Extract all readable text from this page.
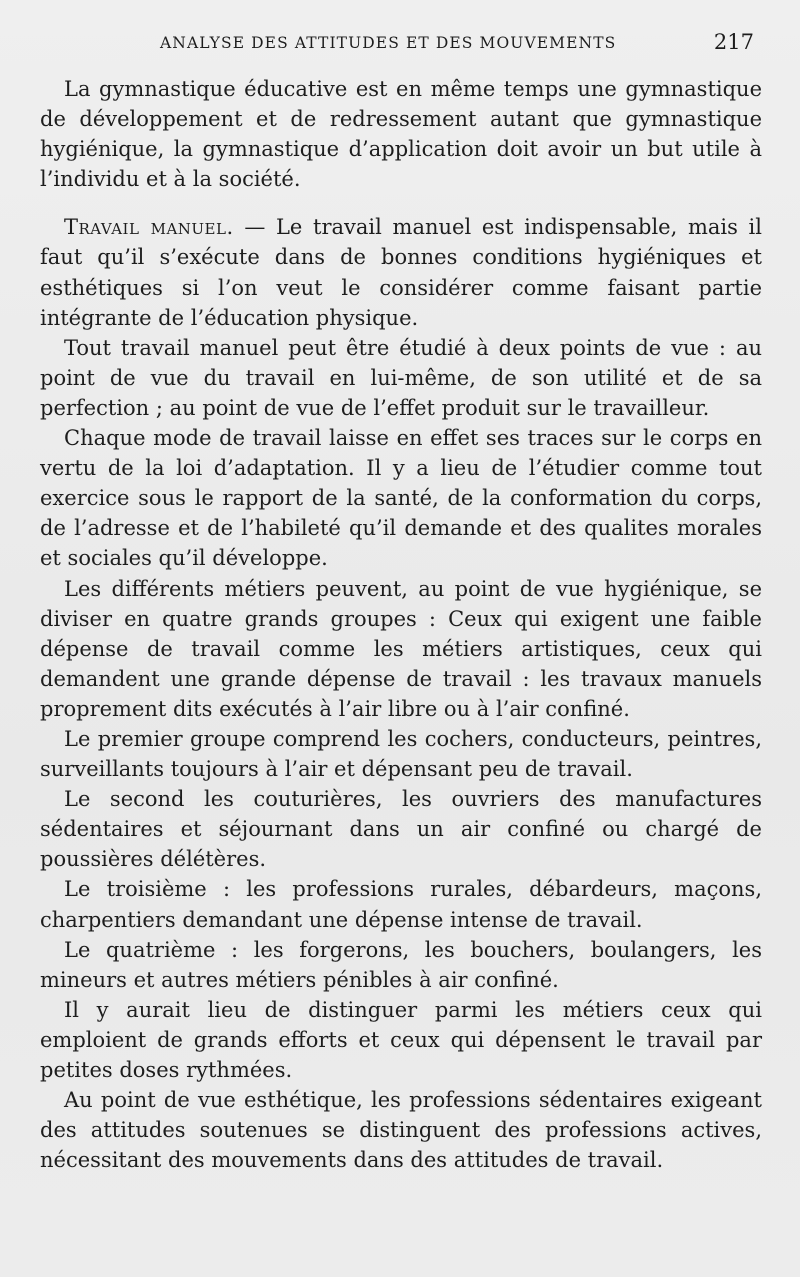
ANALYSE DES ATTITUDES ET DES MOUVEMENTS	217

La gymnastique éducative est en même temps une gymnastique de développement et de redressement autant que gymnastique hygiénique, la gymnastique d’application doit avoir un but utile à l’individu et à la société.

Travail manuel. — Le travail manuel est indispensable, mais il faut qu’il s’exécute dans de bonnes conditions hygiéniques et esthétiques si l’on veut le considérer comme faisant partie intégrante de l’éducation physique.

Tout travail manuel peut être étudié à deux points de vue : au point de vue du travail en lui-même, de son utilité et de sa perfection ; au point de vue de l’effet produit sur le travailleur.

Chaque mode de travail laisse en effet ses traces sur le corps en vertu de la loi d’adaptation. Il y a lieu de l’étudier comme tout exercice sous le rapport de la santé, de la conformation du corps, de l’adresse et de l’habileté qu’il demande et des qualites morales et sociales qu’il développe.

Les différents métiers peuvent, au point de vue hygiénique, se diviser en quatre grands groupes : Ceux qui exigent une faible dépense de travail comme les métiers artistiques, ceux qui demandent une grande dépense de travail : les travaux manuels proprement dits exécutés à l’air libre ou à l’air confiné.

Le premier groupe comprend les cochers, conducteurs, peintres, surveillants toujours à l’air et dépensant peu de travail.

Le second les couturières, les ouvriers des manufactures sédentaires et séjournant dans un air confiné ou chargé de poussières délétères.

Le troisième : les professions rurales, débardeurs, maçons, charpentiers demandant une dépense intense de travail.

Le quatrième : les forgerons, les bouchers, boulangers, les mineurs et autres métiers pénibles à air confiné.

Il y aurait lieu de distinguer parmi les métiers ceux qui emploient de grands efforts et ceux qui dépensent le travail par petites doses rythmées.

Au point de vue esthétique, les professions sédentaires exigeant des attitudes soutenues se distinguent des professions actives, nécessitant des mouvements dans des attitudes de travail.
